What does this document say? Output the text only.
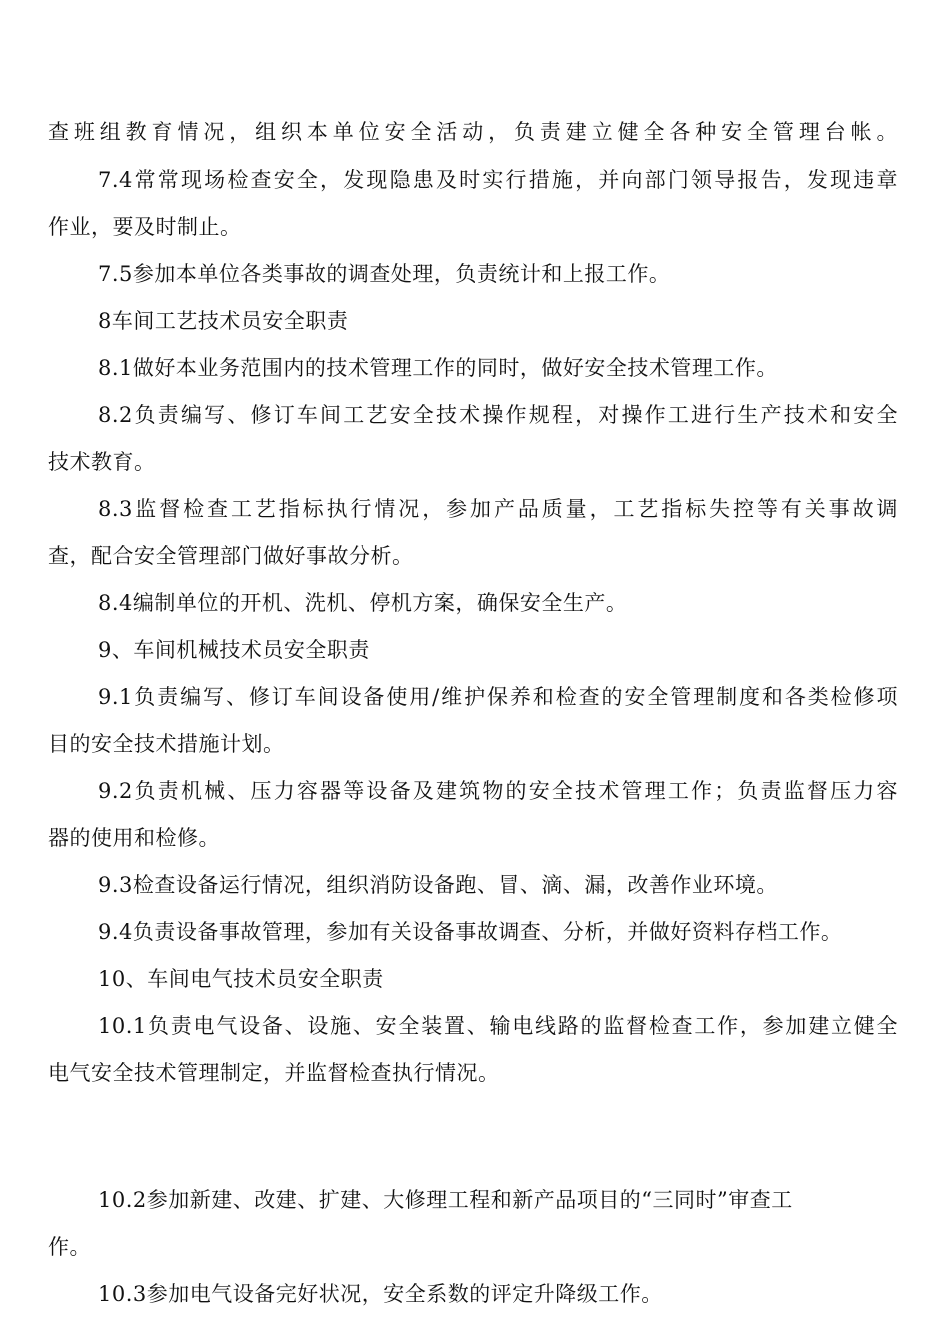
查班组教育情况，组织本单位安全活动，负责建立健全各种安全管理台帐。
7.4常常现场检查安全，发现隐患及时实行措施，并向部门领导报告，发现违章
作业，要及时制止。
7.5参加本单位各类事故的调查处理，负责统计和上报工作。
8车间工艺技术员安全职责
8.1做好本业务范围内的技术管理工作的同时，做好安全技术管理工作。
8.2负责编写、修订车间工艺安全技术操作规程，对操作工进行生产技术和安全
技术教育。
8.3监督检查工艺指标执行情况，参加产品质量，工艺指标失控等有关事故调
查，配合安全管理部门做好事故分析。
8.4编制单位的开机、洗机、停机方案，确保安全生产。
9、车间机械技术员安全职责
9.1负责编写、修订车间设备使用/维护保养和检查的安全管理制度和各类检修项
目的安全技术措施计划。
9.2负责机械、压力容器等设备及建筑物的安全技术管理工作；负责监督压力容
器的使用和检修。
9.3检查设备运行情况，组织消防设备跑、冒、滴、漏，改善作业环境。
9.4负责设备事故管理，参加有关设备事故调查、分析，并做好资料存档工作。
10、车间电气技术员安全职责
10.1负责电气设备、设施、安全装置、输电线路的监督检查工作，参加建立健全
电气安全技术管理制定，并监督检查执行情况。
10.2参加新建、改建、扩建、大修理工程和新产品项目的“三同时”审查工
作。
10.3参加电气设备完好状况，安全系数的评定升降级工作。
